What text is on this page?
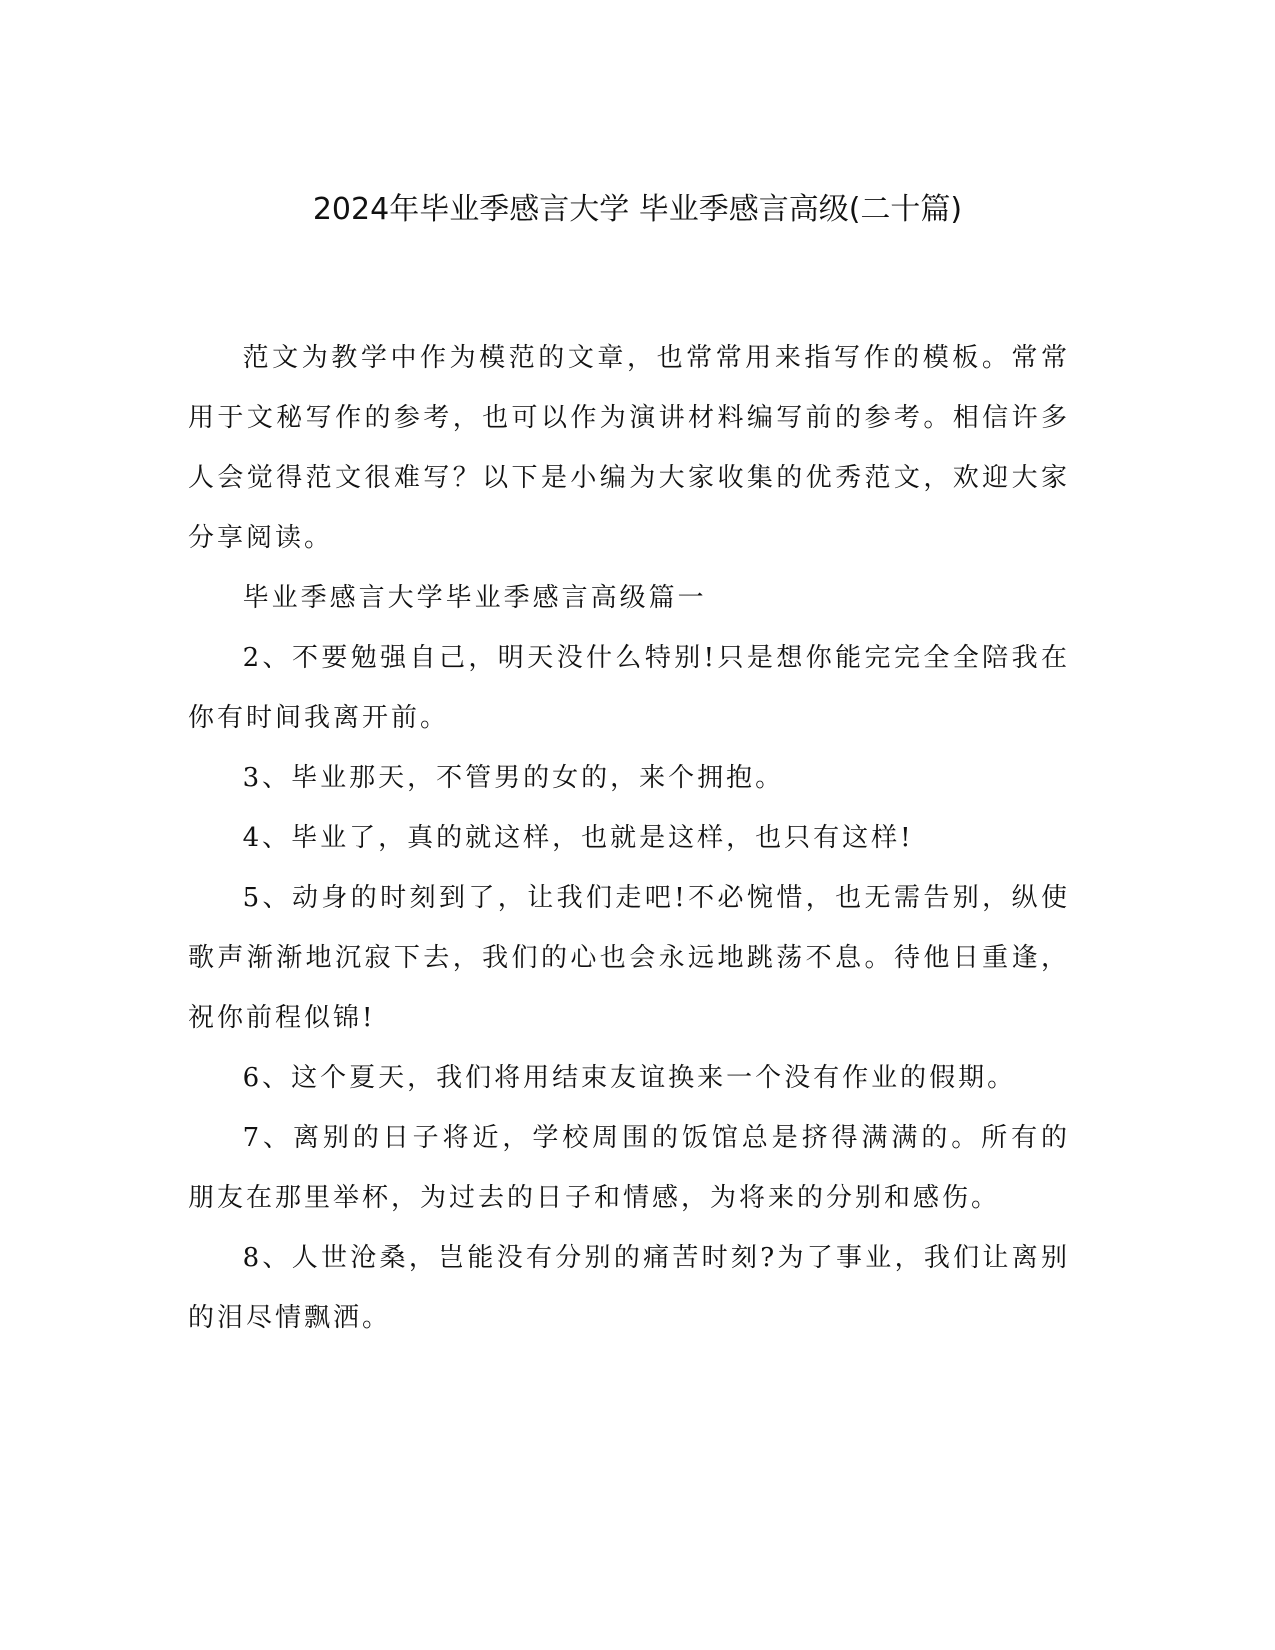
2024年毕业季感言大学 毕业季感言高级(二十篇)

范文为教学中作为模范的文章，也常常用来指写作的模板。常常用于文秘写作的参考，也可以作为演讲材料编写前的参考。相信许多人会觉得范文很难写？以下是小编为大家收集的优秀范文，欢迎大家分享阅读。

毕业季感言大学毕业季感言高级篇一

2、不要勉强自己，明天没什么特别!只是想你能完完全全陪我在你有时间我离开前。

3、毕业那天，不管男的女的，来个拥抱。

4、毕业了，真的就这样，也就是这样，也只有这样!

5、动身的时刻到了，让我们走吧!不必惋惜，也无需告别，纵使歌声渐渐地沉寂下去，我们的心也会永远地跳荡不息。待他日重逢，祝你前程似锦!

6、这个夏天，我们将用结束友谊换来一个没有作业的假期。

7、离别的日子将近，学校周围的饭馆总是挤得满满的。所有的朋友在那里举杯，为过去的日子和情感，为将来的分别和感伤。

8、人世沧桑，岂能没有分别的痛苦时刻?为了事业，我们让离别的泪尽情飘洒。
